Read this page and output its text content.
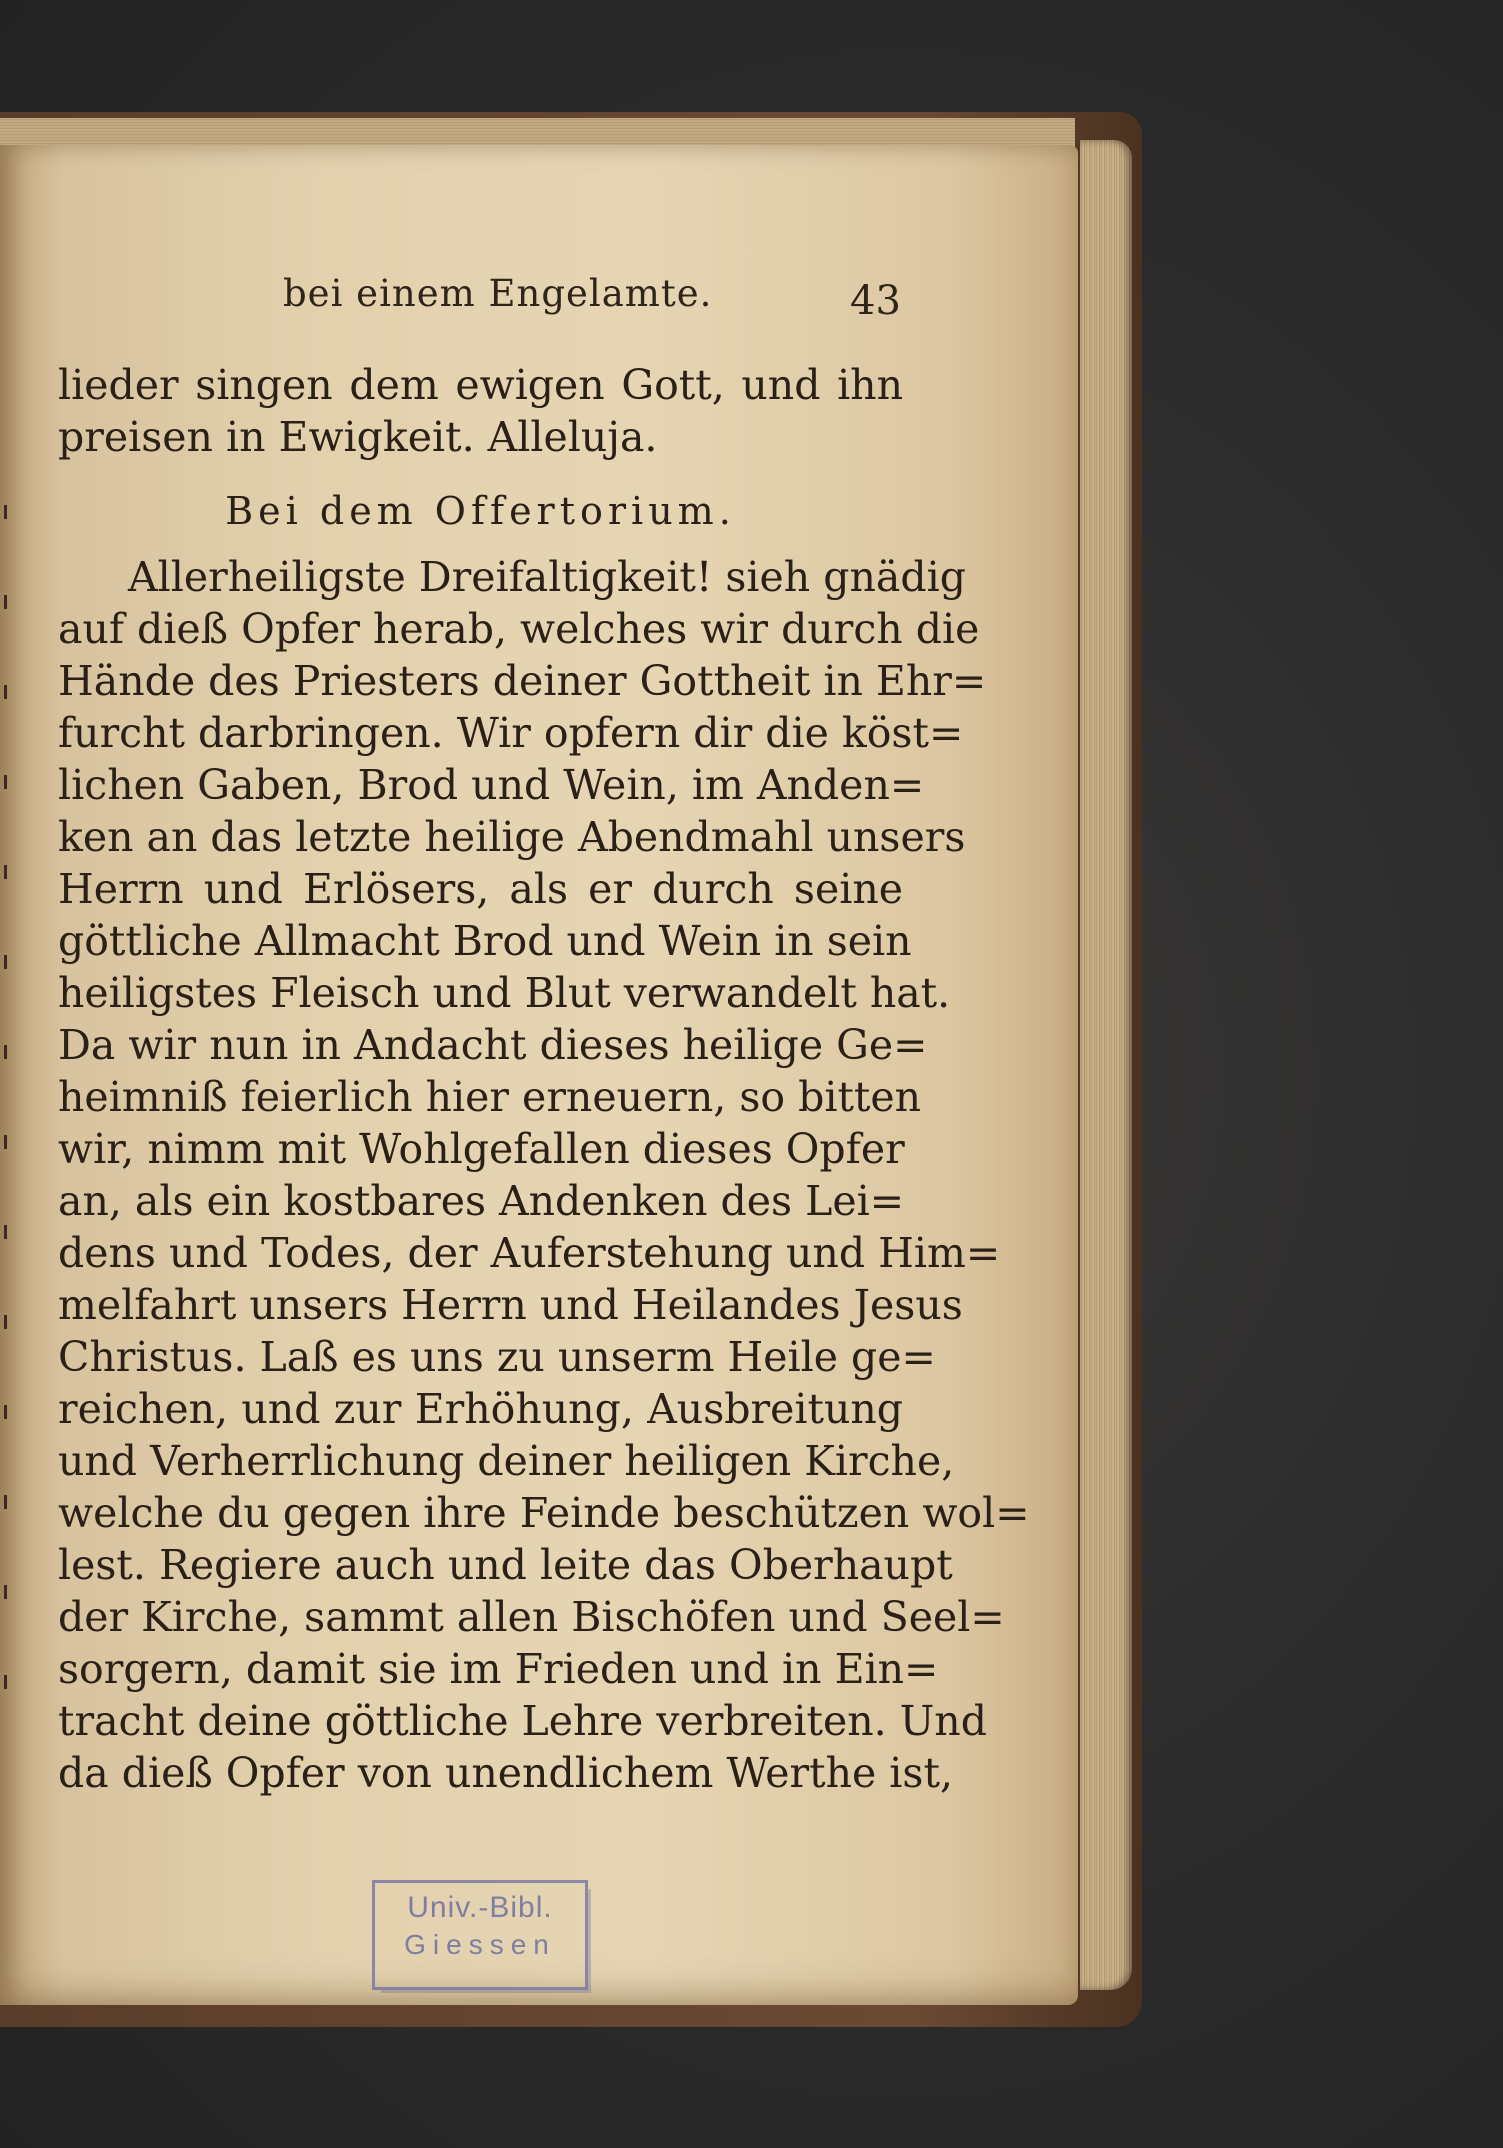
bei einem Engelamte.	43
lieder singen dem ewigen Gott, und ihn
preisen in Ewigkeit. Alleluja.
Bei dem Offertorium.
Allerheiligste Dreifaltigkeit! sieh gnädig
auf dieß Opfer herab, welches wir durch die
Hände des Priesters deiner Gottheit in Ehr=
furcht darbringen. Wir opfern dir die köst=
lichen Gaben, Brod und Wein, im Anden=
ken an das letzte heilige Abendmahl unsers
Herrn und Erlösers, als er durch seine
göttliche Allmacht Brod und Wein in sein
heiligstes Fleisch und Blut verwandelt hat.
Da wir nun in Andacht dieses heilige Ge=
heimniß feierlich hier erneuern, so bitten
wir, nimm mit Wohlgefallen dieses Opfer
an, als ein kostbares Andenken des Lei=
dens und Todes, der Auferstehung und Him=
melfahrt unsers Herrn und Heilandes Jesus
Christus. Laß es uns zu unserm Heile ge=
reichen, und zur Erhöhung, Ausbreitung
und Verherrlichung deiner heiligen Kirche,
welche du gegen ihre Feinde beschützen wol=
lest. Regiere auch und leite das Oberhaupt
der Kirche, sammt allen Bischöfen und Seel=
sorgern, damit sie im Frieden und in Ein=
tracht deine göttliche Lehre verbreiten. Und
da dieß Opfer von unendlichem Werthe ist,
Univ.-Bibl.
Giessen
